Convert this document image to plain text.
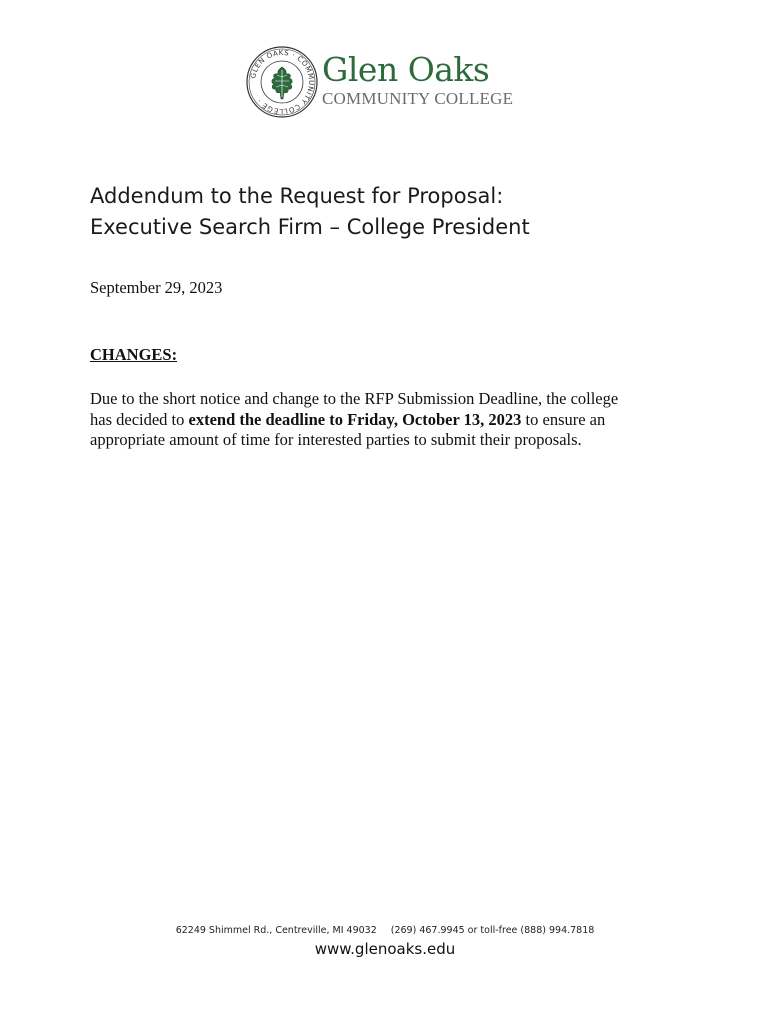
GLEN OAKS · COMMUNITY COLLEGE ·
Glen Oaks
COMMUNITY COLLEGE
Addendum to the Request for Proposal:
Executive Search Firm – College President
September 29, 2023
CHANGES:
Due to the short notice and change to the RFP Submission Deadline, the college
has decided to extend the deadline to Friday, October 13, 2023 to ensure an
appropriate amount of time for interested parties to submit their proposals.
62249 Shimmel Rd., Centreville, MI 49032 (269) 467.9945 or toll-free (888) 994.7818
www.glenoaks.edu
